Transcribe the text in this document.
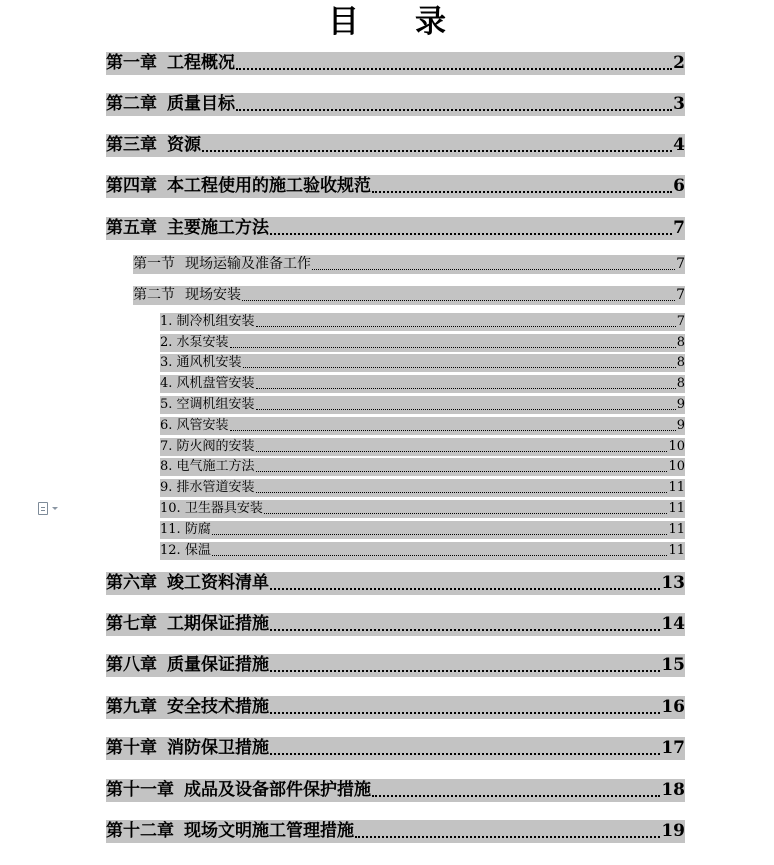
目录
第一章 工程概况	2
第二章 质量目标	3
第三章 资源	4
第四章 本工程使用的施工验收规范	6
第五章 主要施工方法	7
第一节 现场运输及准备工作	7
第二节 现场安装	7
1. 制冷机组安装	7
2. 水泵安装	8
3. 通风机安装	8
4. 风机盘管安装	8
5. 空调机组安装	9
6. 风管安装	9
7. 防火阀的安装	10
8. 电气施工方法	10
9. 排水管道安装	11
10. 卫生器具安装	11
11. 防腐	11
12. 保温	11
第六章 竣工资料清单	13
第七章 工期保证措施	14
第八章 质量保证措施	15
第九章 安全技术措施	16
第十章 消防保卫措施	17
第十一章 成品及设备部件保护措施	18
第十二章 现场文明施工管理措施	19
